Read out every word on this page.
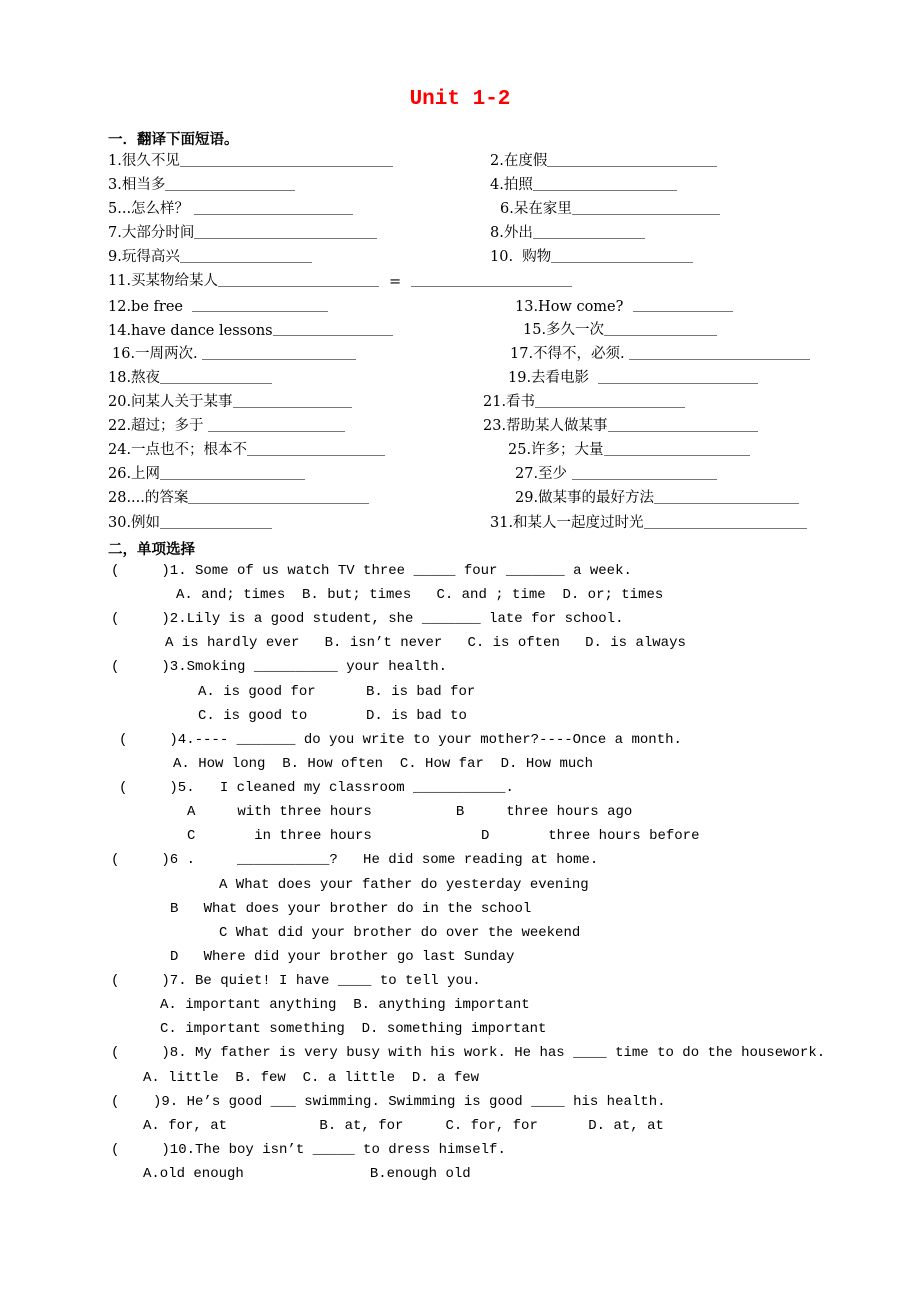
Unit 1-2
一．翻译下面短语。
1.很久不见	2.在度假
3.相当多	4.拍照
5...怎么样？	6.呆在家里
7.大部分时间	8.外出
9.玩得高兴	10.  购物
11.买某物给某人	=
12.be free	13.How come?
14.have dance lessons	15.多久一次
16.一周两次.	17.不得不，必须.
18.熬夜	19.去看电影
20.问某人关于某事	21.看书
22.超过；多于	23.帮助某人做某事
24.一点也不；根本不	25.许多；大量
26.上网	27.至少
28....的答案	29.做某事的最好方法
30.例如	31.和某人一起度过时光
二，单项选择
(     )1. Some of us watch TV three _____ four _______ a week.
A. and; times  B. but; times   C. and ; time  D. or; times
(     )2.Lily is a good student, she _______ late for school.
A is hardly ever   B. isn’t never   C. is often   D. is always
(     )3.Smoking __________ your health.
A. is good for      B. is bad for
C. is good to       D. is bad to
(     )4.---- _______ do you write to your mother?----Once a month.
A. How long  B. How often  C. How far  D. How much
(     )5.   I cleaned my classroom ___________.
A     with three hours          B     three hours ago
C       in three hours             D       three hours before
(     )6 .     ___________?   He did some reading at home.
A What does your father do yesterday evening
B   What does your brother do in the school
C What did your brother do over the weekend
D   Where did your brother go last Sunday
(     )7. Be quiet! I have ____ to tell you.
A. important anything  B. anything important
C. important something  D. something important
(     )8. My father is very busy with his work. He has ____ time to do the housework.
A. little  B. few  C. a little  D. a few
(    )9. He’s good ___ swimming. Swimming is good ____ his health.
A. for, at           B. at, for     C. for, for      D. at, at
(     )10.The boy isn’t _____ to dress himself.
A.old enough               B.enough old
